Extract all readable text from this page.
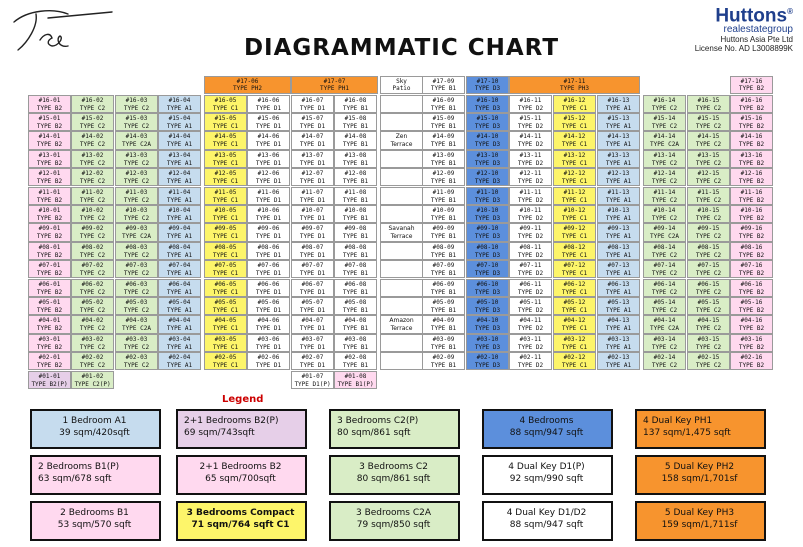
DIAGRAMMATIC CHART
Huttons®
realestategroup
Huttons Asia Pte Ltd
License No. AD L3008899K
#17-06
TYPE PH2
#17-07
TYPE PH1
Sky
Patio
#17-09
TYPE B1
#17-10
TYPE D3
#17-11
TYPE PH3
#17-16
TYPE B2
#16-01
TYPE B2
#16-02
TYPE C2
#16-03
TYPE C2
#16-04
TYPE A1
#16-05
TYPE C1
#16-06
TYPE D1
#16-07
TYPE D1
#16-08
TYPE B1
#16-09
TYPE B1
#16-10
TYPE D3
#16-11
TYPE D2
#16-12
TYPE C1
#16-13
TYPE A1
#16-14
TYPE C2
#16-15
TYPE C2
#16-16
TYPE B2
#15-01
TYPE B2
#15-02
TYPE C2
#15-03
TYPE C2
#15-04
TYPE A1
#15-05
TYPE C1
#15-06
TYPE D1
#15-07
TYPE D1
#15-08
TYPE B1
#15-09
TYPE B1
#15-10
TYPE D3
#15-11
TYPE D2
#15-12
TYPE C1
#15-13
TYPE A1
#15-14
TYPE C2
#15-15
TYPE C2
#15-16
TYPE B2
#14-01
TYPE B2
#14-02
TYPE C2
#14-03
TYPE C2A
#14-04
TYPE A1
#14-05
TYPE C1
#14-06
TYPE D1
#14-07
TYPE D1
#14-08
TYPE B1
Zen
Terrace
#14-09
TYPE B1
#14-10
TYPE D3
#14-11
TYPE D2
#14-12
TYPE C1
#14-13
TYPE A1
#14-14
TYPE C2A
#14-15
TYPE C2
#14-16
TYPE B2
#13-01
TYPE B2
#13-02
TYPE C2
#13-03
TYPE C2
#13-04
TYPE A1
#13-05
TYPE C1
#13-06
TYPE D1
#13-07
TYPE D1
#13-08
TYPE B1
#13-09
TYPE B1
#13-10
TYPE D3
#13-11
TYPE D2
#13-12
TYPE C1
#13-13
TYPE A1
#13-14
TYPE C2
#13-15
TYPE C2
#13-16
TYPE B2
#12-01
TYPE B2
#12-02
TYPE C2
#12-03
TYPE C2
#12-04
TYPE A1
#12-05
TYPE C1
#12-06
TYPE D1
#12-07
TYPE D1
#12-08
TYPE B1
#12-09
TYPE B1
#12-10
TYPE D3
#12-11
TYPE D2
#12-12
TYPE C1
#12-13
TYPE A1
#12-14
TYPE C2
#12-15
TYPE C2
#12-16
TYPE B2
#11-01
TYPE B2
#11-02
TYPE C2
#11-03
TYPE C2
#11-04
TYPE A1
#11-05
TYPE C1
#11-06
TYPE D1
#11-07
TYPE D1
#11-08
TYPE B1
#11-09
TYPE B1
#11-10
TYPE D3
#11-11
TYPE D2
#11-12
TYPE C1
#11-13
TYPE A1
#11-14
TYPE C2
#11-15
TYPE C2
#11-16
TYPE B2
#10-01
TYPE B2
#10-02
TYPE C2
#10-03
TYPE C2
#10-04
TYPE A1
#10-05
TYPE C1
#10-06
TYPE D1
#10-07
TYPE D1
#10-08
TYPE B1
#10-09
TYPE B1
#10-10
TYPE D3
#10-11
TYPE D2
#10-12
TYPE C1
#10-13
TYPE A1
#10-14
TYPE C2
#10-15
TYPE C2
#10-16
TYPE B2
#09-01
TYPE B2
#09-02
TYPE C2
#09-03
TYPE C2A
#09-04
TYPE A1
#09-05
TYPE C1
#09-06
TYPE D1
#09-07
TYPE D1
#09-08
TYPE B1
Savanah
Terrace
#09-09
TYPE B1
#09-10
TYPE D3
#09-11
TYPE D2
#09-12
TYPE C1
#09-13
TYPE A1
#09-14
TYPE C2A
#09-15
TYPE C2
#09-16
TYPE B2
#08-01
TYPE B2
#08-02
TYPE C2
#08-03
TYPE C2
#08-04
TYPE A1
#08-05
TYPE C1
#08-06
TYPE D1
#08-07
TYPE D1
#08-08
TYPE B1
#08-09
TYPE B1
#08-10
TYPE D3
#08-11
TYPE D2
#08-12
TYPE C1
#08-13
TYPE A1
#08-14
TYPE C2
#08-15
TYPE C2
#08-16
TYPE B2
#07-01
TYPE B2
#07-02
TYPE C2
#07-03
TYPE C2
#07-04
TYPE A1
#07-05
TYPE C1
#07-06
TYPE D1
#07-07
TYPE D1
#07-08
TYPE B1
#07-09
TYPE B1
#07-10
TYPE D3
#07-11
TYPE D2
#07-12
TYPE C1
#07-13
TYPE A1
#07-14
TYPE C2
#07-15
TYPE C2
#07-16
TYPE B2
#06-01
TYPE B2
#06-02
TYPE C2
#06-03
TYPE C2
#06-04
TYPE A1
#06-05
TYPE C1
#06-06
TYPE D1
#06-07
TYPE D1
#06-08
TYPE B1
#06-09
TYPE B1
#06-10
TYPE D3
#06-11
TYPE D2
#06-12
TYPE C1
#06-13
TYPE A1
#06-14
TYPE C2
#06-15
TYPE C2
#06-16
TYPE B2
#05-01
TYPE B2
#05-02
TYPE C2
#05-03
TYPE C2
#05-04
TYPE A1
#05-05
TYPE C1
#05-06
TYPE D1
#05-07
TYPE D1
#05-08
TYPE B1
#05-09
TYPE B1
#05-10
TYPE D3
#05-11
TYPE D2
#05-12
TYPE C1
#05-13
TYPE A1
#05-14
TYPE C2
#05-15
TYPE C2
#05-16
TYPE B2
#04-01
TYPE B2
#04-02
TYPE C2
#04-03
TYPE C2A
#04-04
TYPE A1
#04-05
TYPE C1
#04-06
TYPE D1
#04-07
TYPE D1
#04-08
TYPE B1
Amazon
Terrace
#04-09
TYPE B1
#04-10
TYPE D3
#04-11
TYPE D2
#04-12
TYPE C1
#04-13
TYPE A1
#04-14
TYPE C2A
#04-15
TYPE C2
#04-16
TYPE B2
#03-01
TYPE B2
#03-02
TYPE C2
#03-03
TYPE C2
#03-04
TYPE A1
#03-05
TYPE C1
#03-06
TYPE D1
#03-07
TYPE D1
#03-08
TYPE B1
#03-09
TYPE B1
#03-10
TYPE D3
#03-11
TYPE D2
#03-12
TYPE C1
#03-13
TYPE A1
#03-14
TYPE C2
#03-15
TYPE C2
#03-16
TYPE B2
#02-01
TYPE B2
#02-02
TYPE C2
#02-03
TYPE C2
#02-04
TYPE A1
#02-05
TYPE C1
#02-06
TYPE D1
#02-07
TYPE D1
#02-08
TYPE B1
#02-09
TYPE B1
#02-10
TYPE D3
#02-11
TYPE D2
#02-12
TYPE C1
#02-13
TYPE A1
#02-14
TYPE C2
#02-15
TYPE C2
#02-16
TYPE B2
#01-01
TYPE B2(P)
#01-02
TYPE C2(P)
#01-07
TYPE D1(P)
#01-08
TYPE B1(P)
Legend
1 Bedroom A1
39 sqm/420sqft
2+1 Bedrooms B2(P)
69 sqm/743sqft
3 Bedrooms C2(P)
80 sqm/861 sqft
4 Bedrooms
88 sqm/947 sqft
4 Dual Key PH1
137 sqm/1,475 sqft
2 Bedrooms B1(P)
63 sqm/678 sqft
2+1 Bedrooms B2
65 sqm/700sqft
3 Bedrooms C2
80 sqm/861 sqft
4 Dual Key D1(P)
92 sqm/990 sqft
5 Dual Key PH2
158 sqm/1,701sf
2 Bedrooms B1
53 sqm/570 sqft
3 Bedrooms Compact
71 sqm/764 sqft C1
3 Bedrooms C2A
79 sqm/850 sqft
4 Dual Key D1/D2
88 sqm/947 sqft
5 Dual Key PH3
159 sqm/1,711sf
